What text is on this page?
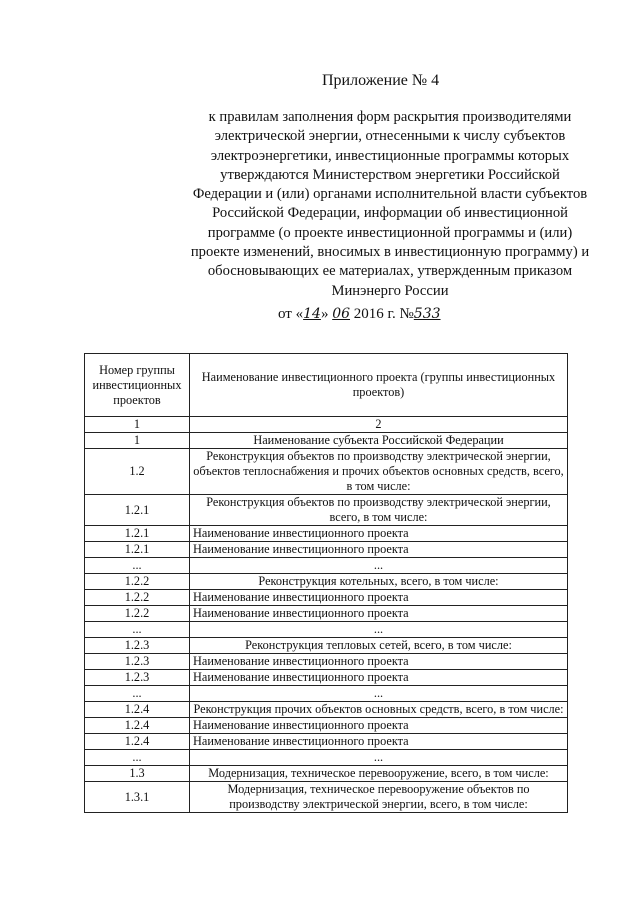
Приложение № 4
к правилам заполнения форм раскрытия производителями электрической энергии, отнесенными к числу субъектов электроэнергетики, инвестиционные программы которых утверждаются Министерством энергетики Российской Федерации и (или) органами исполнительной власти субъектов Российской Федерации, информации об инвестиционной программе (о проекте инвестиционной программы и (или) проекте изменений, вносимых в инвестиционную программу) и обосновывающих ее материалах, утвержденным приказом Минэнерго России
от «14» 06 2016 г. №533
Номер группы инвестиционных проектов	Наименование инвестиционного проекта (группы инвестиционных проектов)
1	2
1	Наименование субъекта Российской Федерации
1.2	Реконструкция объектов по производству электрической энергии, объектов теплоснабжения и прочих объектов основных средств, всего, в том числе:
1.2.1	Реконструкция объектов по производству электрической энергии, всего, в том числе:
1.2.1	Наименование инвестиционного проекта
1.2.1	Наименование инвестиционного проекта
...	...
1.2.2	Реконструкция котельных, всего, в том числе:
1.2.2	Наименование инвестиционного проекта
1.2.2	Наименование инвестиционного проекта
...	...
1.2.3	Реконструкция тепловых сетей, всего, в том числе:
1.2.3	Наименование инвестиционного проекта
1.2.3	Наименование инвестиционного проекта
...	...
1.2.4	Реконструкция прочих объектов основных средств, всего, в том числе:
1.2.4	Наименование инвестиционного проекта
1.2.4	Наименование инвестиционного проекта
...	...
1.3	Модернизация, техническое перевооружение, всего, в том числе:
1.3.1	Модернизация, техническое перевооружение объектов по производству электрической энергии, всего, в том числе:
